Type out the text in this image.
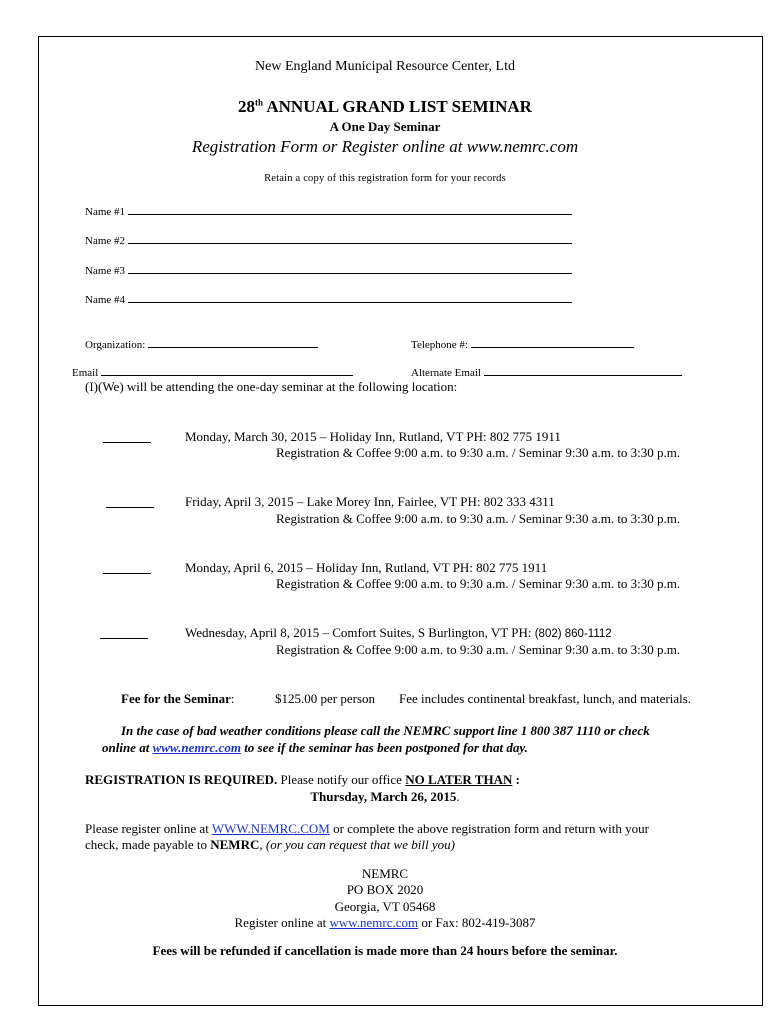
New England Municipal Resource Center, Ltd
28th ANNUAL GRAND LIST SEMINAR
A One Day Seminar
Registration Form or Register online at www.nemrc.com
Retain a copy of this registration form for your records
Name #1
Name #2
Name #3
Name #4
Organization:	Telephone #:
Email	Alternate Email
(I)(We) will be attending the one-day seminar at the following location:
Monday, March 30, 2015 – Holiday Inn, Rutland, VT PH: 802 775 1911
Registration & Coffee 9:00 a.m. to 9:30 a.m. / Seminar 9:30 a.m. to 3:30 p.m.
Friday, April 3, 2015 – Lake Morey Inn, Fairlee, VT PH: 802 333 4311
Registration & Coffee 9:00 a.m. to 9:30 a.m. / Seminar 9:30 a.m. to 3:30 p.m.
Monday, April 6, 2015 – Holiday Inn, Rutland, VT PH: 802 775 1911
Registration & Coffee 9:00 a.m. to 9:30 a.m. / Seminar 9:30 a.m. to 3:30 p.m.
Wednesday, April 8, 2015 – Comfort Suites, S Burlington, VT PH: (802) 860-1112
Registration & Coffee 9:00 a.m. to 9:30 a.m. / Seminar 9:30 a.m. to 3:30 p.m.
Fee for the Seminar:	$125.00 per person Fee includes continental breakfast, lunch, and materials.
In the case of bad weather conditions please call the NEMRC support line 1 800 387 1110 or check
online at www.nemrc.com to see if the seminar has been postponed for that day.
REGISTRATION IS REQUIRED. Please notify our office NO LATER THAN :
Thursday, March 26, 2015.
Please register online at WWW.NEMRC.COM or complete the above registration form and return with your
check, made payable to NEMRC, (or you can request that we bill you)
NEMRC
PO BOX 2020
Georgia, VT 05468
Register online at www.nemrc.com or Fax: 802-419-3087
Fees will be refunded if cancellation is made more than 24 hours before the seminar.
